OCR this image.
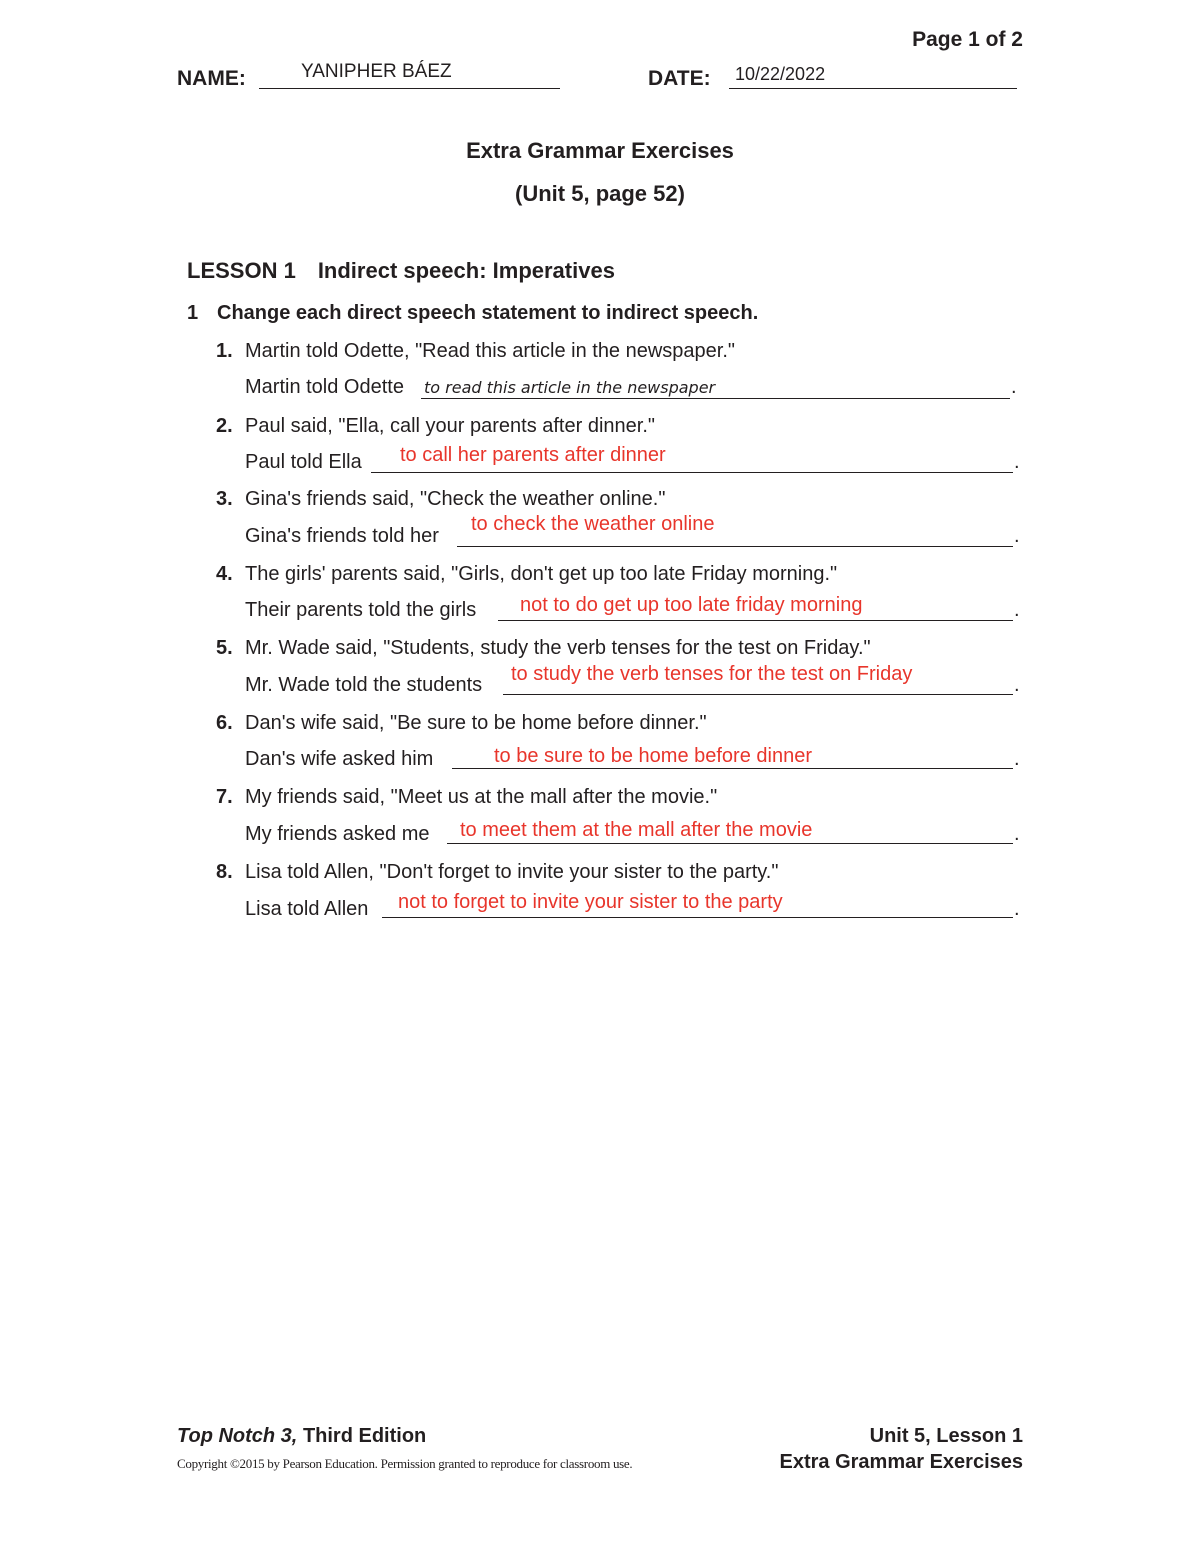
Page 1 of 2
NAME:	YANIPHER BÁEZ	DATE: 10/22/2022
Extra Grammar Exercises
(Unit 5, page 52)
LESSON 1 Indirect speech: Imperatives
1 Change each direct speech statement to indirect speech.
1. Martin told Odette, "Read this article in the newspaper."
Martin told Odette	.
to read this article in the newspaper
2. Paul said, "Ella, call your parents after dinner."
Paul told Ella	.
to call her parents after dinner
3. Gina's friends said, "Check the weather online."
Gina's friends told her	.
to check the weather online
4. The girls' parents said, "Girls, don't get up too late Friday morning."
Their parents told the girls	.
not to do get up too late friday morning
5. Mr. Wade said, "Students, study the verb tenses for the test on Friday."
Mr. Wade told the students	.
to study the verb tenses for the test on Friday
6. Dan's wife said, "Be sure to be home before dinner."
Dan's wife asked him	.
to be sure to be home before dinner
7. My friends said, "Meet us at the mall after the movie."
My friends asked me	.
to meet them at the mall after the movie
8. Lisa told Allen, "Don't forget to invite your sister to the party."
Lisa told Allen	.
not to forget to invite your sister to the party
Top Notch 3, Third Edition
Copyright ©2015 by Pearson Education. Permission granted to reproduce for classroom use.
Unit 5, Lesson 1
Extra Grammar Exercises
